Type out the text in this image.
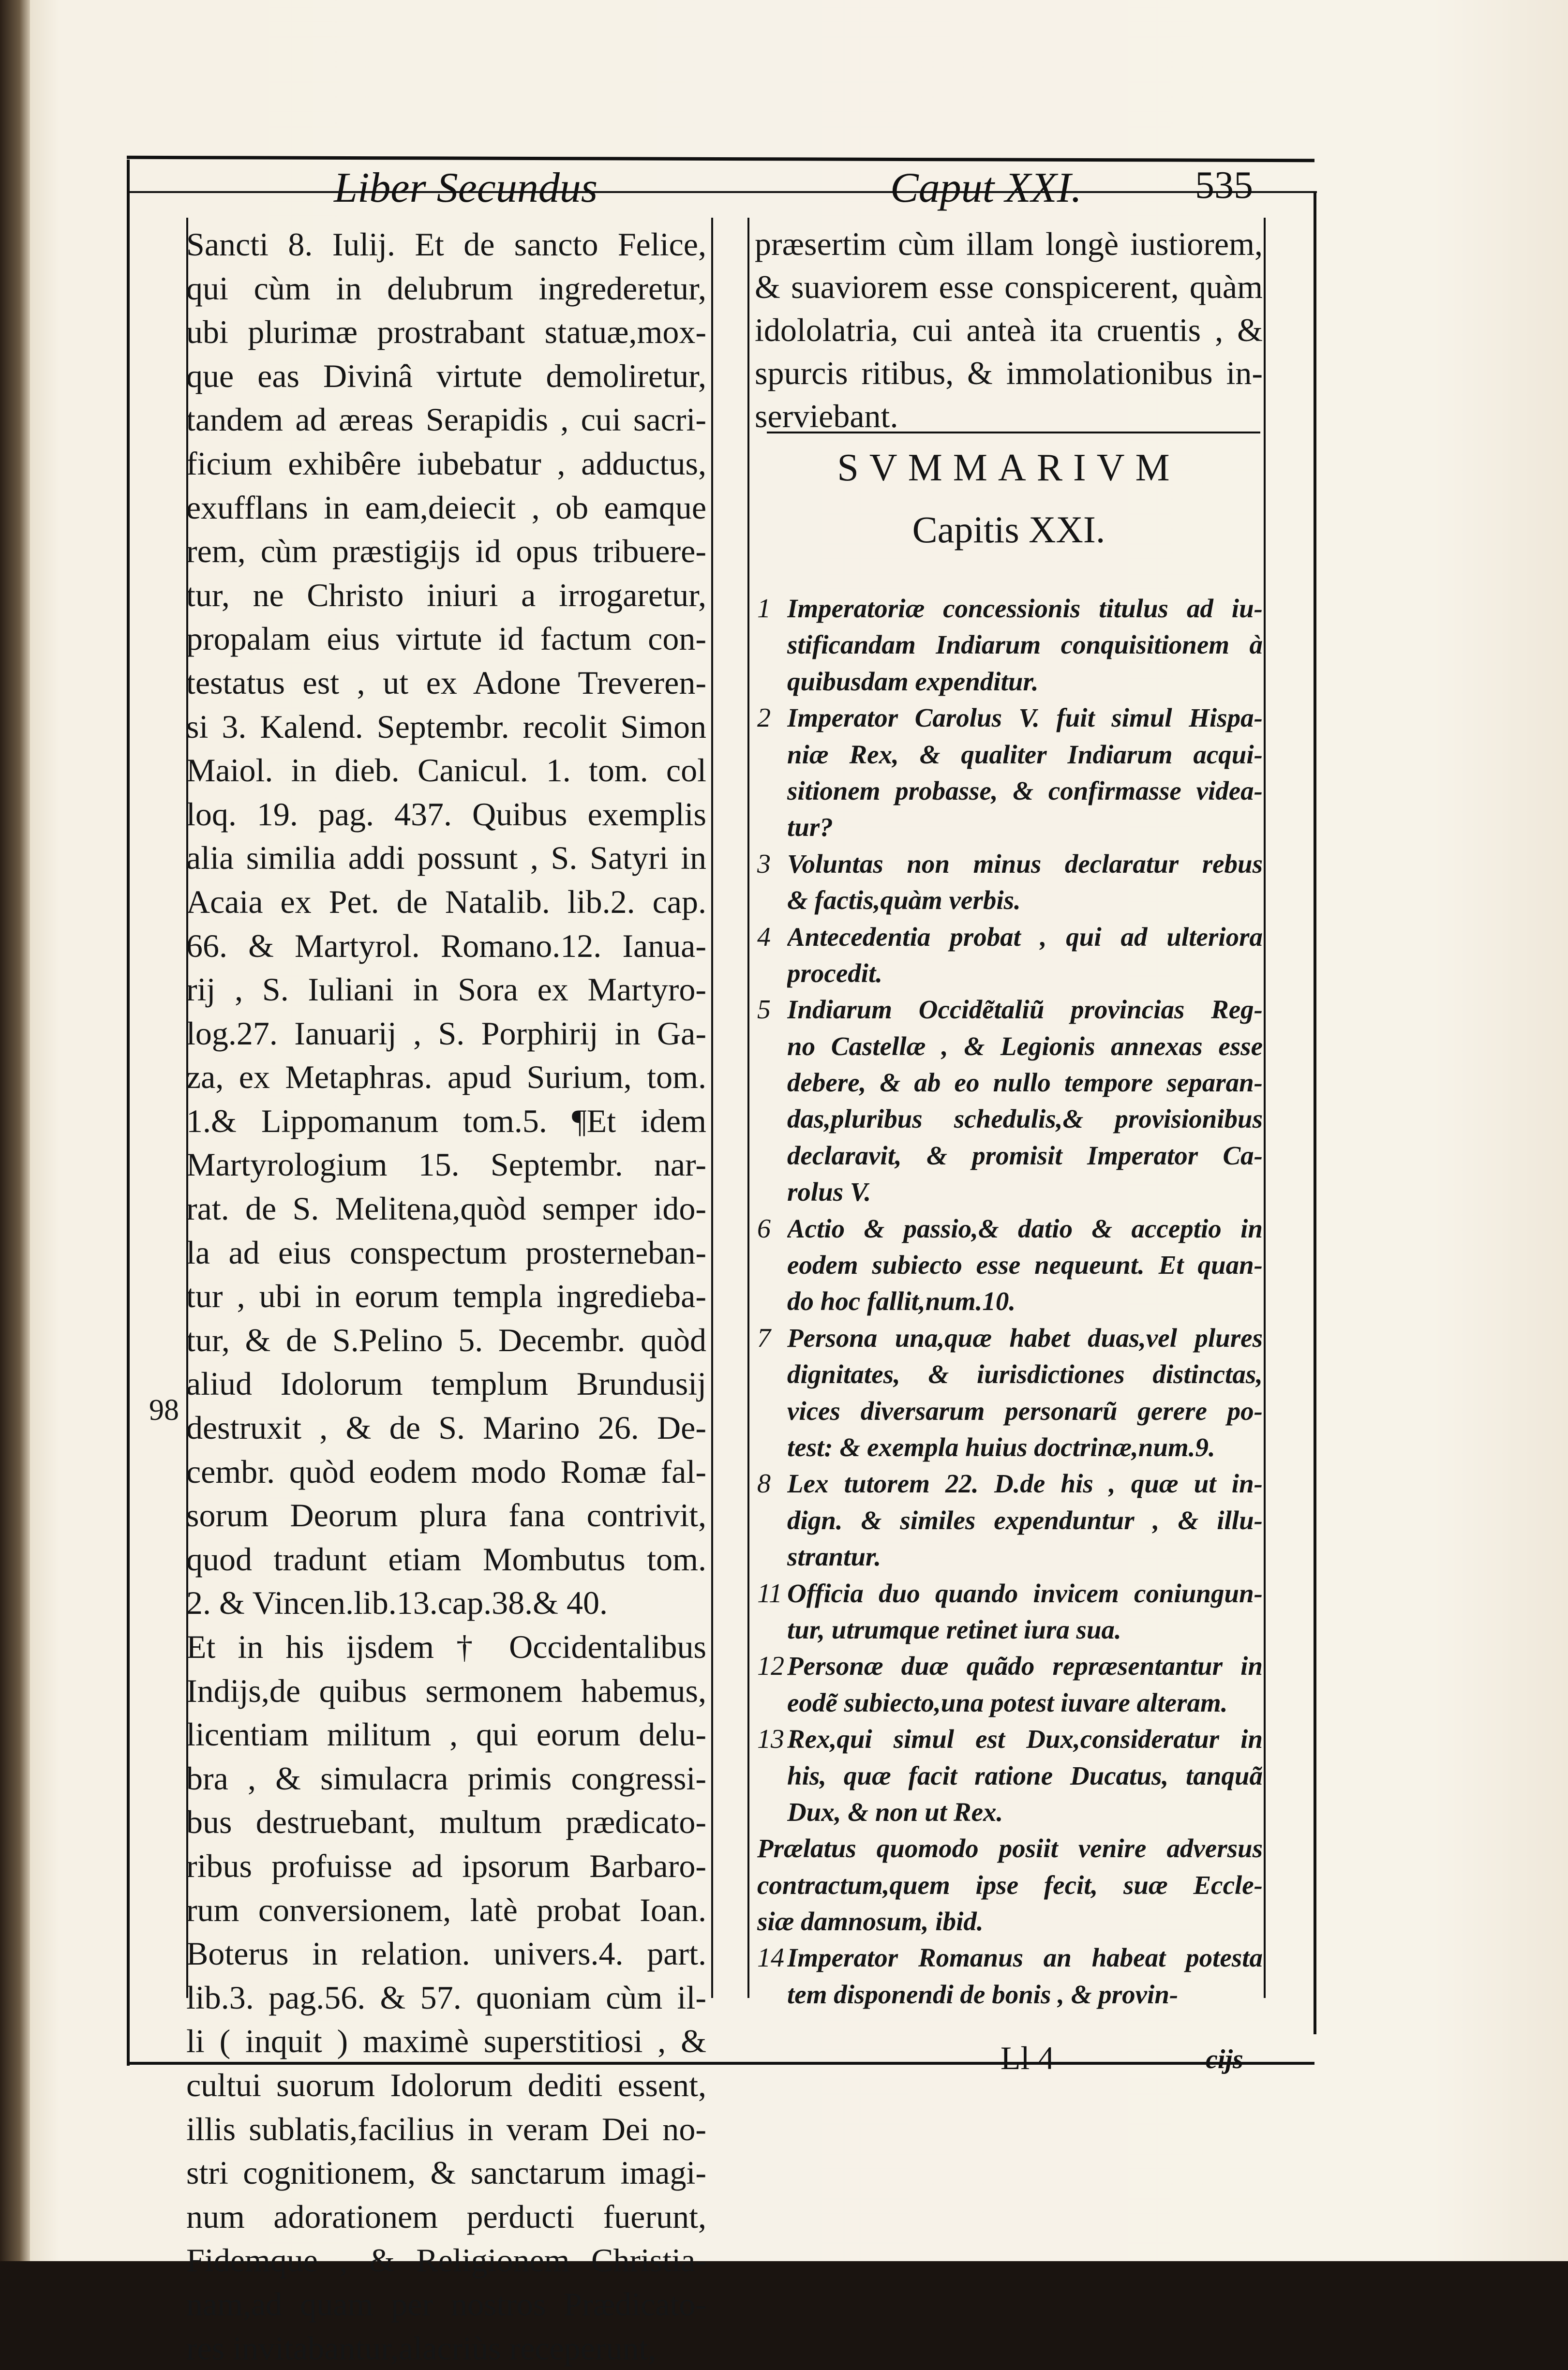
Liber Secundus	Caput XXI.	535
98
Sancti 8. Iulij. Et de sancto Felice,
qui cùm in delubrum ingrederetur,
ubi plurimæ prostrabant statuæ,mox-
que eas Divinâ virtute demoliretur,
tandem ad æreas Serapidis , cui sacri-
ficium exhibêre iubebatur , adductus,
exufflans in eam,deiecit , ob eamque
rem, cùm præstigijs id opus tribuere-
tur, ne Christo iniuri a irrogaretur,
propalam eius virtute id factum con-
testatus est , ut ex Adone Treveren-
si 3. Kalend. Septembr. recolit Simon
Maiol. in dieb. Canicul. 1. tom. col
loq. 19. pag. 437. Quibus exemplis
alia similia addi possunt , S. Satyri in
Acaia ex Pet. de Natalib. lib.2. cap.
66. & Martyrol. Romano.12. Ianua-
rij , S. Iuliani in Sora ex Martyro-
log.27. Ianuarij , S. Porphirij in Ga-
za, ex Metaphras. apud Surium, tom.
1.& Lippomanum tom.5. ¶Et idem
Martyrologium 15. Septembr. nar-
rat. de S. Melitena,quòd semper ido-
la ad eius conspectum prosterneban-
tur , ubi in eorum templa ingredieba-
tur, & de S.Pelino 5. Decembr. quòd
aliud Idolorum templum Brundusij
destruxit , & de S. Marino 26. De-
cembr. quòd eodem modo Romæ fal-
sorum Deorum plura fana contrivit,
quod tradunt etiam Mombutus tom.
2. & Vincen.lib.13.cap.38.& 40.
Et in his ijsdem † Occidentalibus
Indijs,de quibus sermonem habemus,
licentiam militum , qui eorum delu-
bra , & simulacra primis congressi-
bus destruebant, multum prædicato-
ribus profuisse ad ipsorum Barbaro-
rum conversionem, latè probat Ioan.
Boterus in relation. univers.4. part.
lib.3. pag.56. & 57. quoniam cùm il-
li ( inquit ) maximè superstitiosi , &
cultui suorum Idolorum dediti essent,
illis sublatis,facilius in veram Dei no-
stri cognitionem, & sanctarum imagi-
num adorationem perducti fuerunt,
Fidemque , & Religionem Christia-
nam,ad quam per nostros Prædicato-
res invitabantur,alacriùs receperunt,
præsertim cùm illam longè iustiorem,
& suaviorem esse conspicerent, quàm
idololatria, cui anteà ita cruentis , &
spurcis ritibus, & immolationibus in-
serviebant.
SVMMARIVM
Capitis XXI.
1 Imperatoriæ concessionis titulus ad iu-
stificandam Indiarum conquisitionem à
quibusdam expenditur.
2 Imperator Carolus V. fuit simul Hispa-
niæ Rex, & qualiter Indiarum acqui-
sitionem probasse, & confirmasse videa-
tur?
3 Voluntas non minus declaratur rebus
& factis,quàm verbis.
4 Antecedentia probat , qui ad ulteriora
procedit.
5 Indiarum Occidẽtaliũ provincias Reg-
no Castellæ , & Legionis annexas esse
debere, & ab eo nullo tempore separan-
das,pluribus schedulis,& provisionibus
declaravit, & promisit Imperator Ca-
rolus V.
6 Actio & passio,& datio & acceptio in
eodem subiecto esse nequeunt. Et quan-
do hoc fallit,num.10.
7 Persona una,quæ habet duas,vel plures
dignitates, & iurisdictiones distinctas,
vices diversarum personarũ gerere po-
test: & exempla huius doctrinæ,num.9.
8 Lex tutorem 22. D.de his , quæ ut in-
dign. & similes expenduntur , & illu-
strantur.
11 Officia duo quando invicem coniungun-
tur, utrumque retinet iura sua.
12 Personæ duæ quãdo repræsentantur in
eodẽ subiecto,una potest iuvare alteram.
13 Rex,qui simul est Dux,consideratur in
his, quæ facit ratione Ducatus, tanquã
Dux, & non ut Rex.
Prælatus quomodo posiit venire adversus
contractum,quem ipse fecit, suæ Eccle-
siæ damnosum, ibid.
14 Imperator Romanus an habeat potesta
tem disponendi de bonis , & provin-
Ll 4	cijs
